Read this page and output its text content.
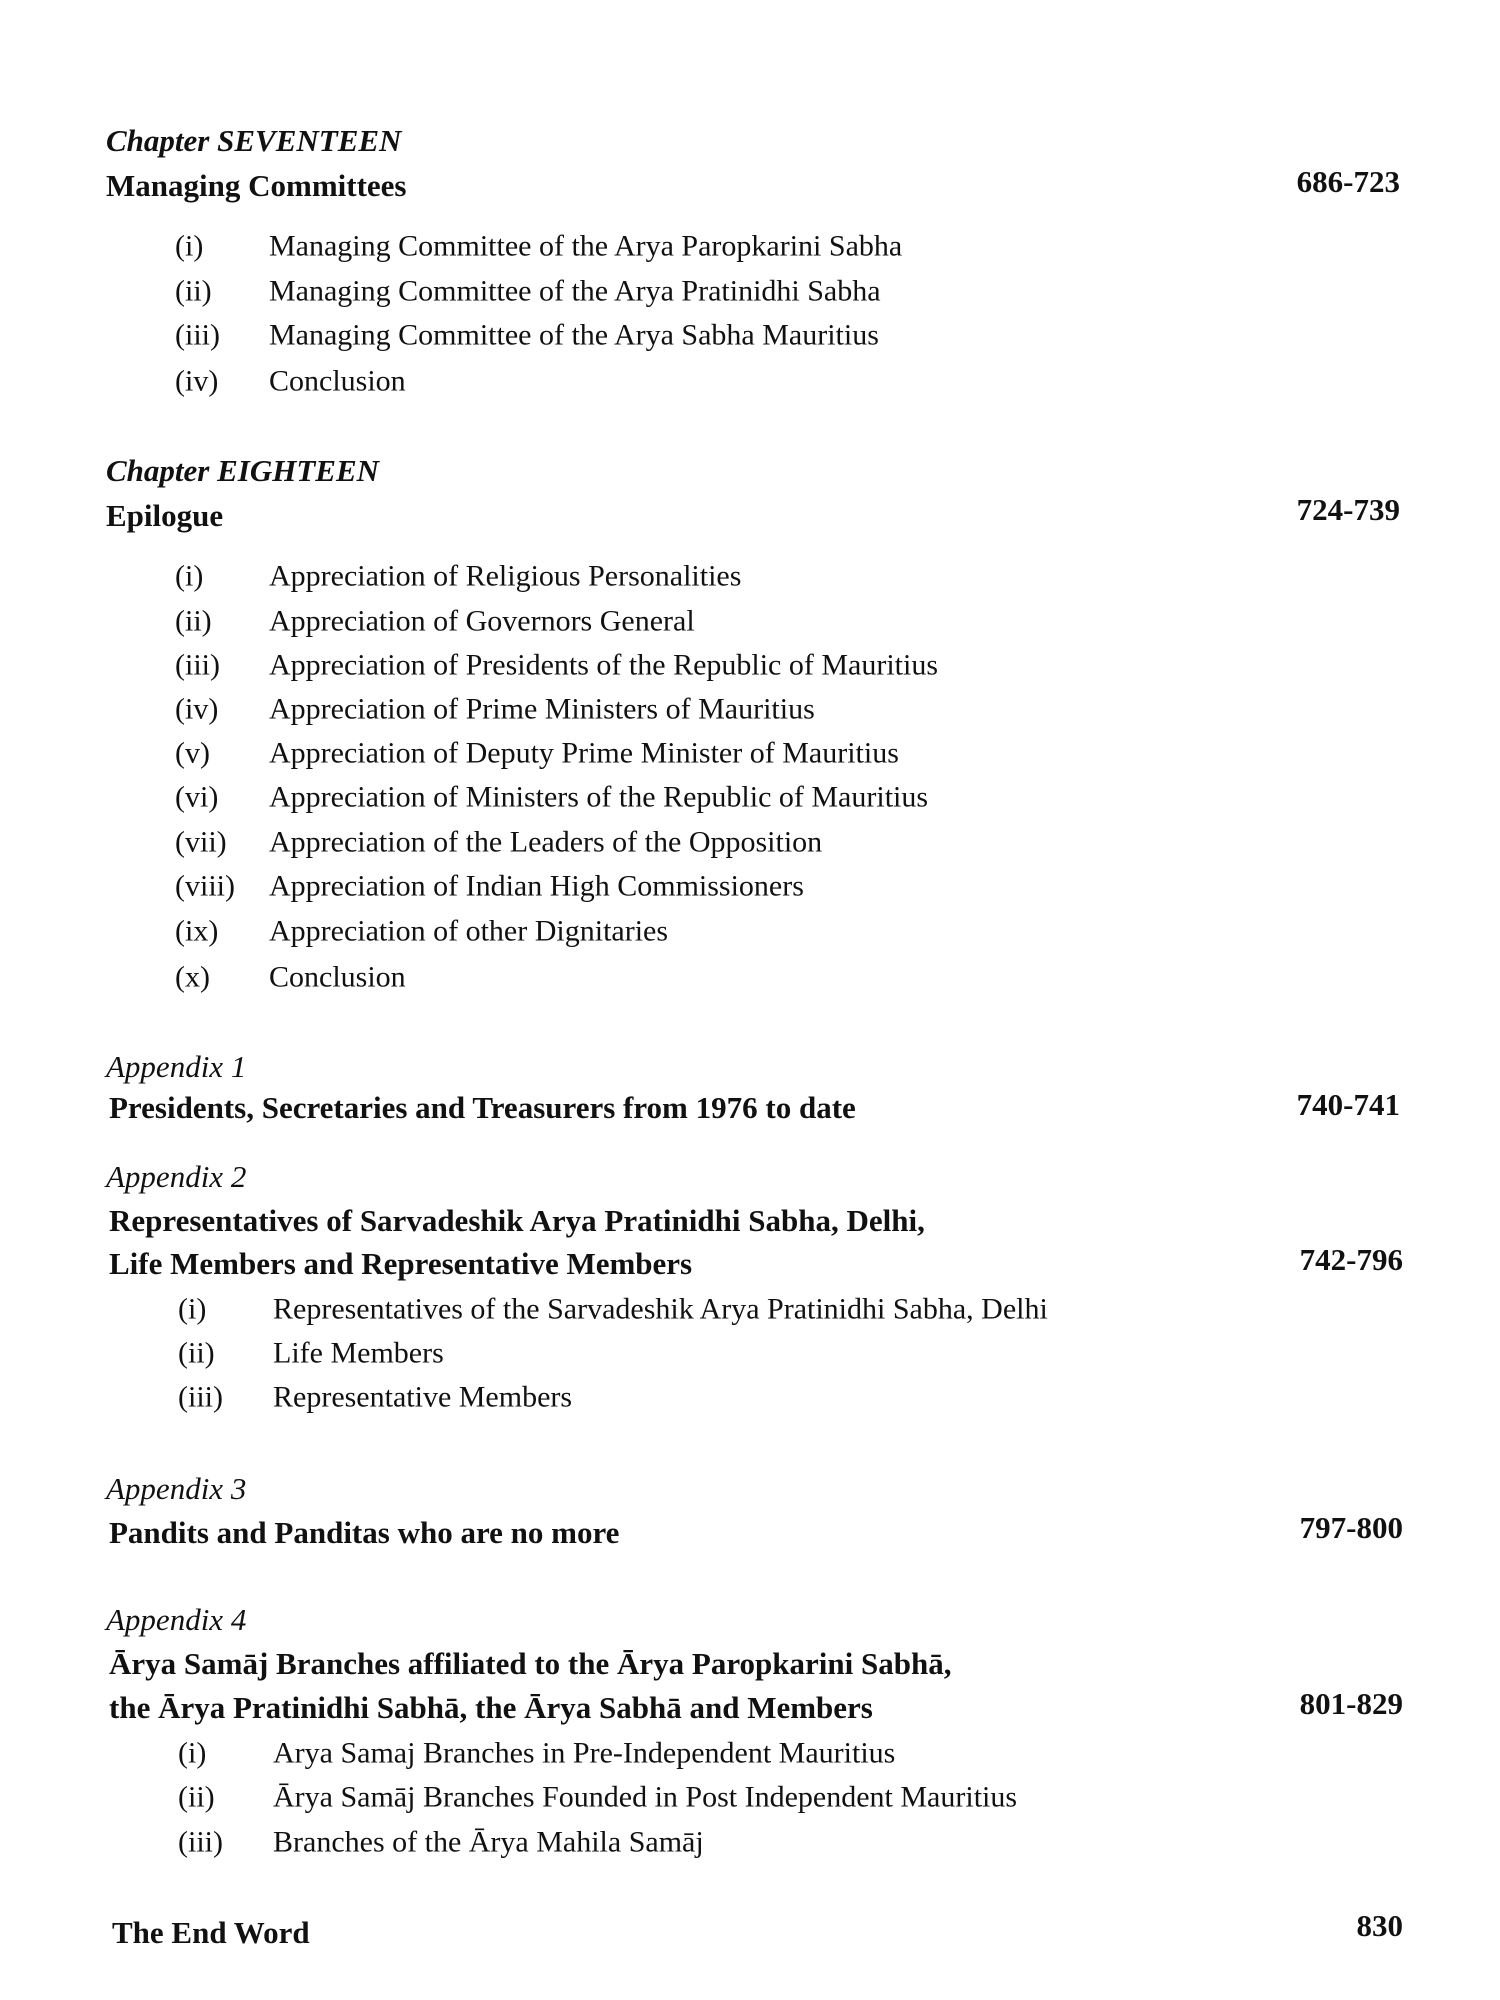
Chapter SEVENTEEN
Managing Committees	686-723
(i) Managing Committee of the Arya Paropkarini Sabha
(ii) Managing Committee of the Arya Pratinidhi Sabha
(iii) Managing Committee of the Arya Sabha Mauritius
(iv) Conclusion
Chapter EIGHTEEN
Epilogue	724-739
(i) Appreciation of Religious Personalities
(ii) Appreciation of Governors General
(iii) Appreciation of Presidents of the Republic of Mauritius
(iv) Appreciation of Prime Ministers of Mauritius
(v) Appreciation of Deputy Prime Minister of Mauritius
(vi) Appreciation of Ministers of the Republic of Mauritius
(vii) Appreciation of the Leaders of the Opposition
(viii) Appreciation of Indian High Commissioners
(ix) Appreciation of other Dignitaries
(x) Conclusion
Appendix 1
Presidents, Secretaries and Treasurers from 1976 to date	740-741
Appendix 2
Representatives of Sarvadeshik Arya Pratinidhi Sabha, Delhi,
Life Members and Representative Members	742-796
(i) Representatives of the Sarvadeshik Arya Pratinidhi Sabha, Delhi
(ii) Life Members
(iii) Representative Members
Appendix 3
Pandits and Panditas who are no more	797-800
Appendix 4
Ārya Samāj Branches affiliated to the Ārya Paropkarini Sabhā,
the Ārya Pratinidhi Sabhā, the Ārya Sabhā and Members	801-829
(i) Arya Samaj Branches in Pre-Independent Mauritius
(ii) Ārya Samāj Branches Founded in Post Independent Mauritius
(iii) Branches of the Ārya Mahila Samāj
The End Word	830
